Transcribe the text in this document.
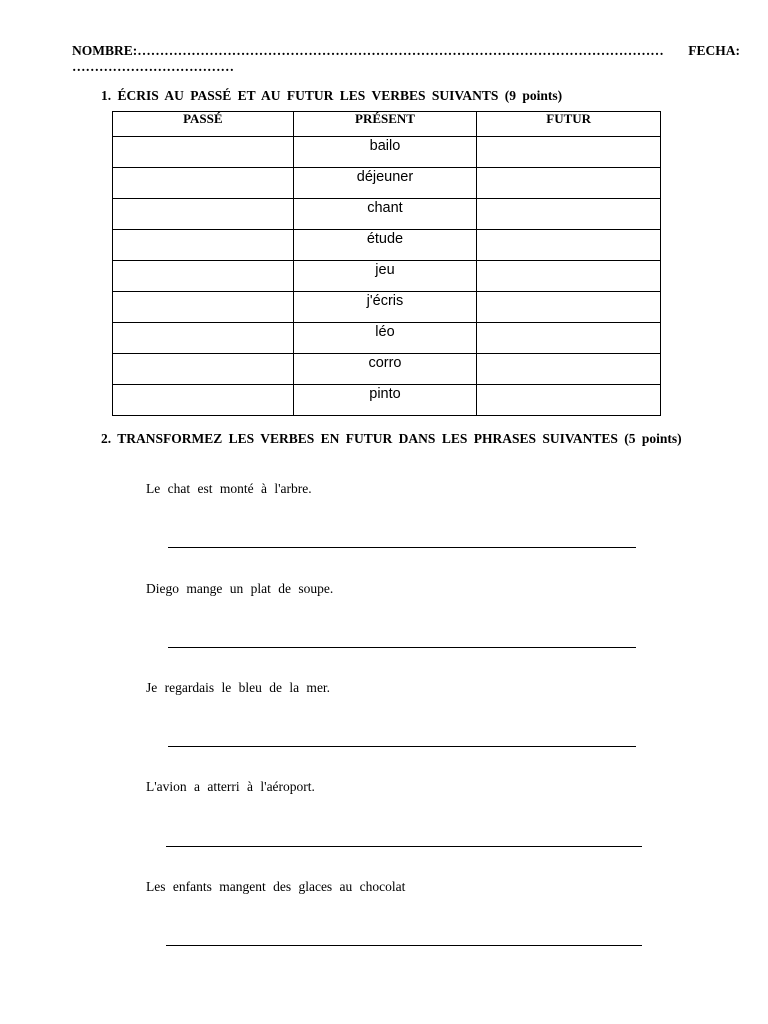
NOMBRE:………………………………………………………………………………………………………	FECHA:
………………………………
1. ÉCRIS AU PASSÉ ET AU FUTUR LES VERBES SUIVANTS (9 points)
PASSÉ	PRÉSENT	FUTUR
	bailo	
	déjeuner	
	chant	
	étude	
	jeu	
	j'écris	
	léo	
	corro	
	pinto	
2. TRANSFORMEZ LES VERBES EN FUTUR DANS LES PHRASES SUIVANTES (5 points)
Le chat est monté à l'arbre.
Diego mange un plat de soupe.
Je regardais le bleu de la mer.
L'avion a atterri à l'aéroport.
Les enfants mangent des glaces au chocolat
